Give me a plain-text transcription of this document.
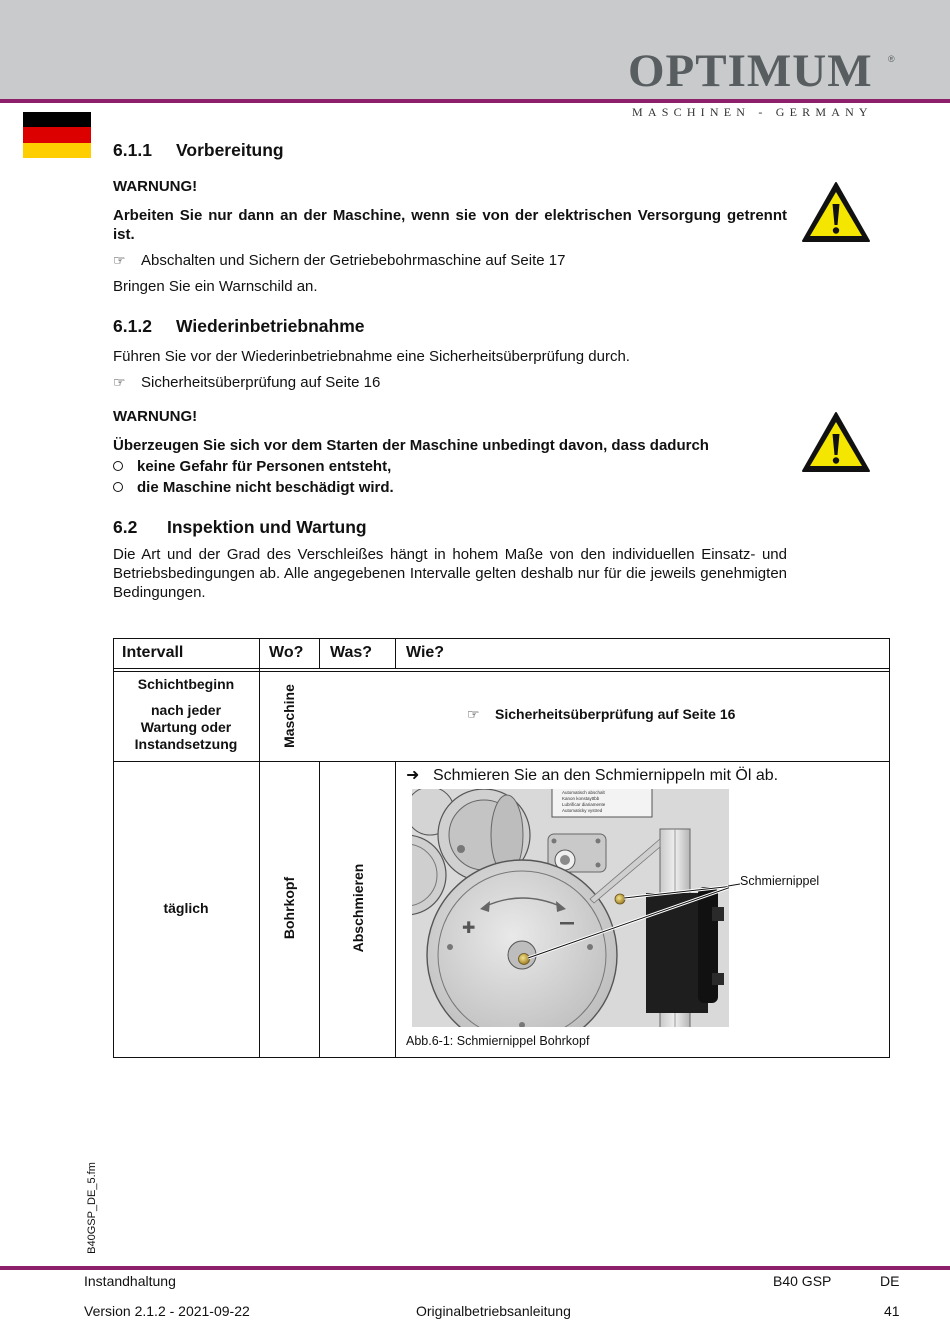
OPTIMUM ®
MASCHINEN - GERMANY
6.1.1 Vorbereitung
WARNUNG!
Arbeiten Sie nur dann an der Maschine, wenn sie von der elektrischen Versorgung getrennt ist.
☞ Abschalten und Sichern der Getriebebohrmaschine auf Seite 17
Bringen Sie ein Warnschild an.
6.1.2 Wiederinbetriebnahme
Führen Sie vor der Wiederinbetriebnahme eine Sicherheitsüberprüfung durch.
☞ Sicherheitsüberprüfung auf Seite 16
WARNUNG!
Überzeugen Sie sich vor dem Starten der Maschine unbedingt davon, dass dadurch
keine Gefahr für Personen entsteht,
die Maschine nicht beschädigt wird.
6.2 Inspektion und Wartung
Die Art und der Grad des Verschleißes hängt in hohem Maße von den individuellen Einsatz- und Betriebsbedingungen ab. Alle angegebenen Intervalle gelten deshalb nur für die jeweils genehmigten Bedingungen.
Intervall	Wo? Was? Wie?
Schichtbeginn
nach jeder Wartung oder Instandsetzung	Maschine	☞ Sicherheitsüberprüfung auf Seite 16
täglich	Bohrkopf	Abschmieren
➜ Schmieren Sie an den Schmiernippeln mit Öl ab.
Automatisch abschalt
Kanon konstayttbb
Lubrificar diariamente
Automaticky vystred
✚
Schmiernippel
Abb.6-1: Schmiernippel Bohrkopf
B40GSP_DE_5.fm
Instandhaltung	B40 GSP	DE
Version 2.1.2 - 2021-09-22	Originalbetriebsanleitung	41
